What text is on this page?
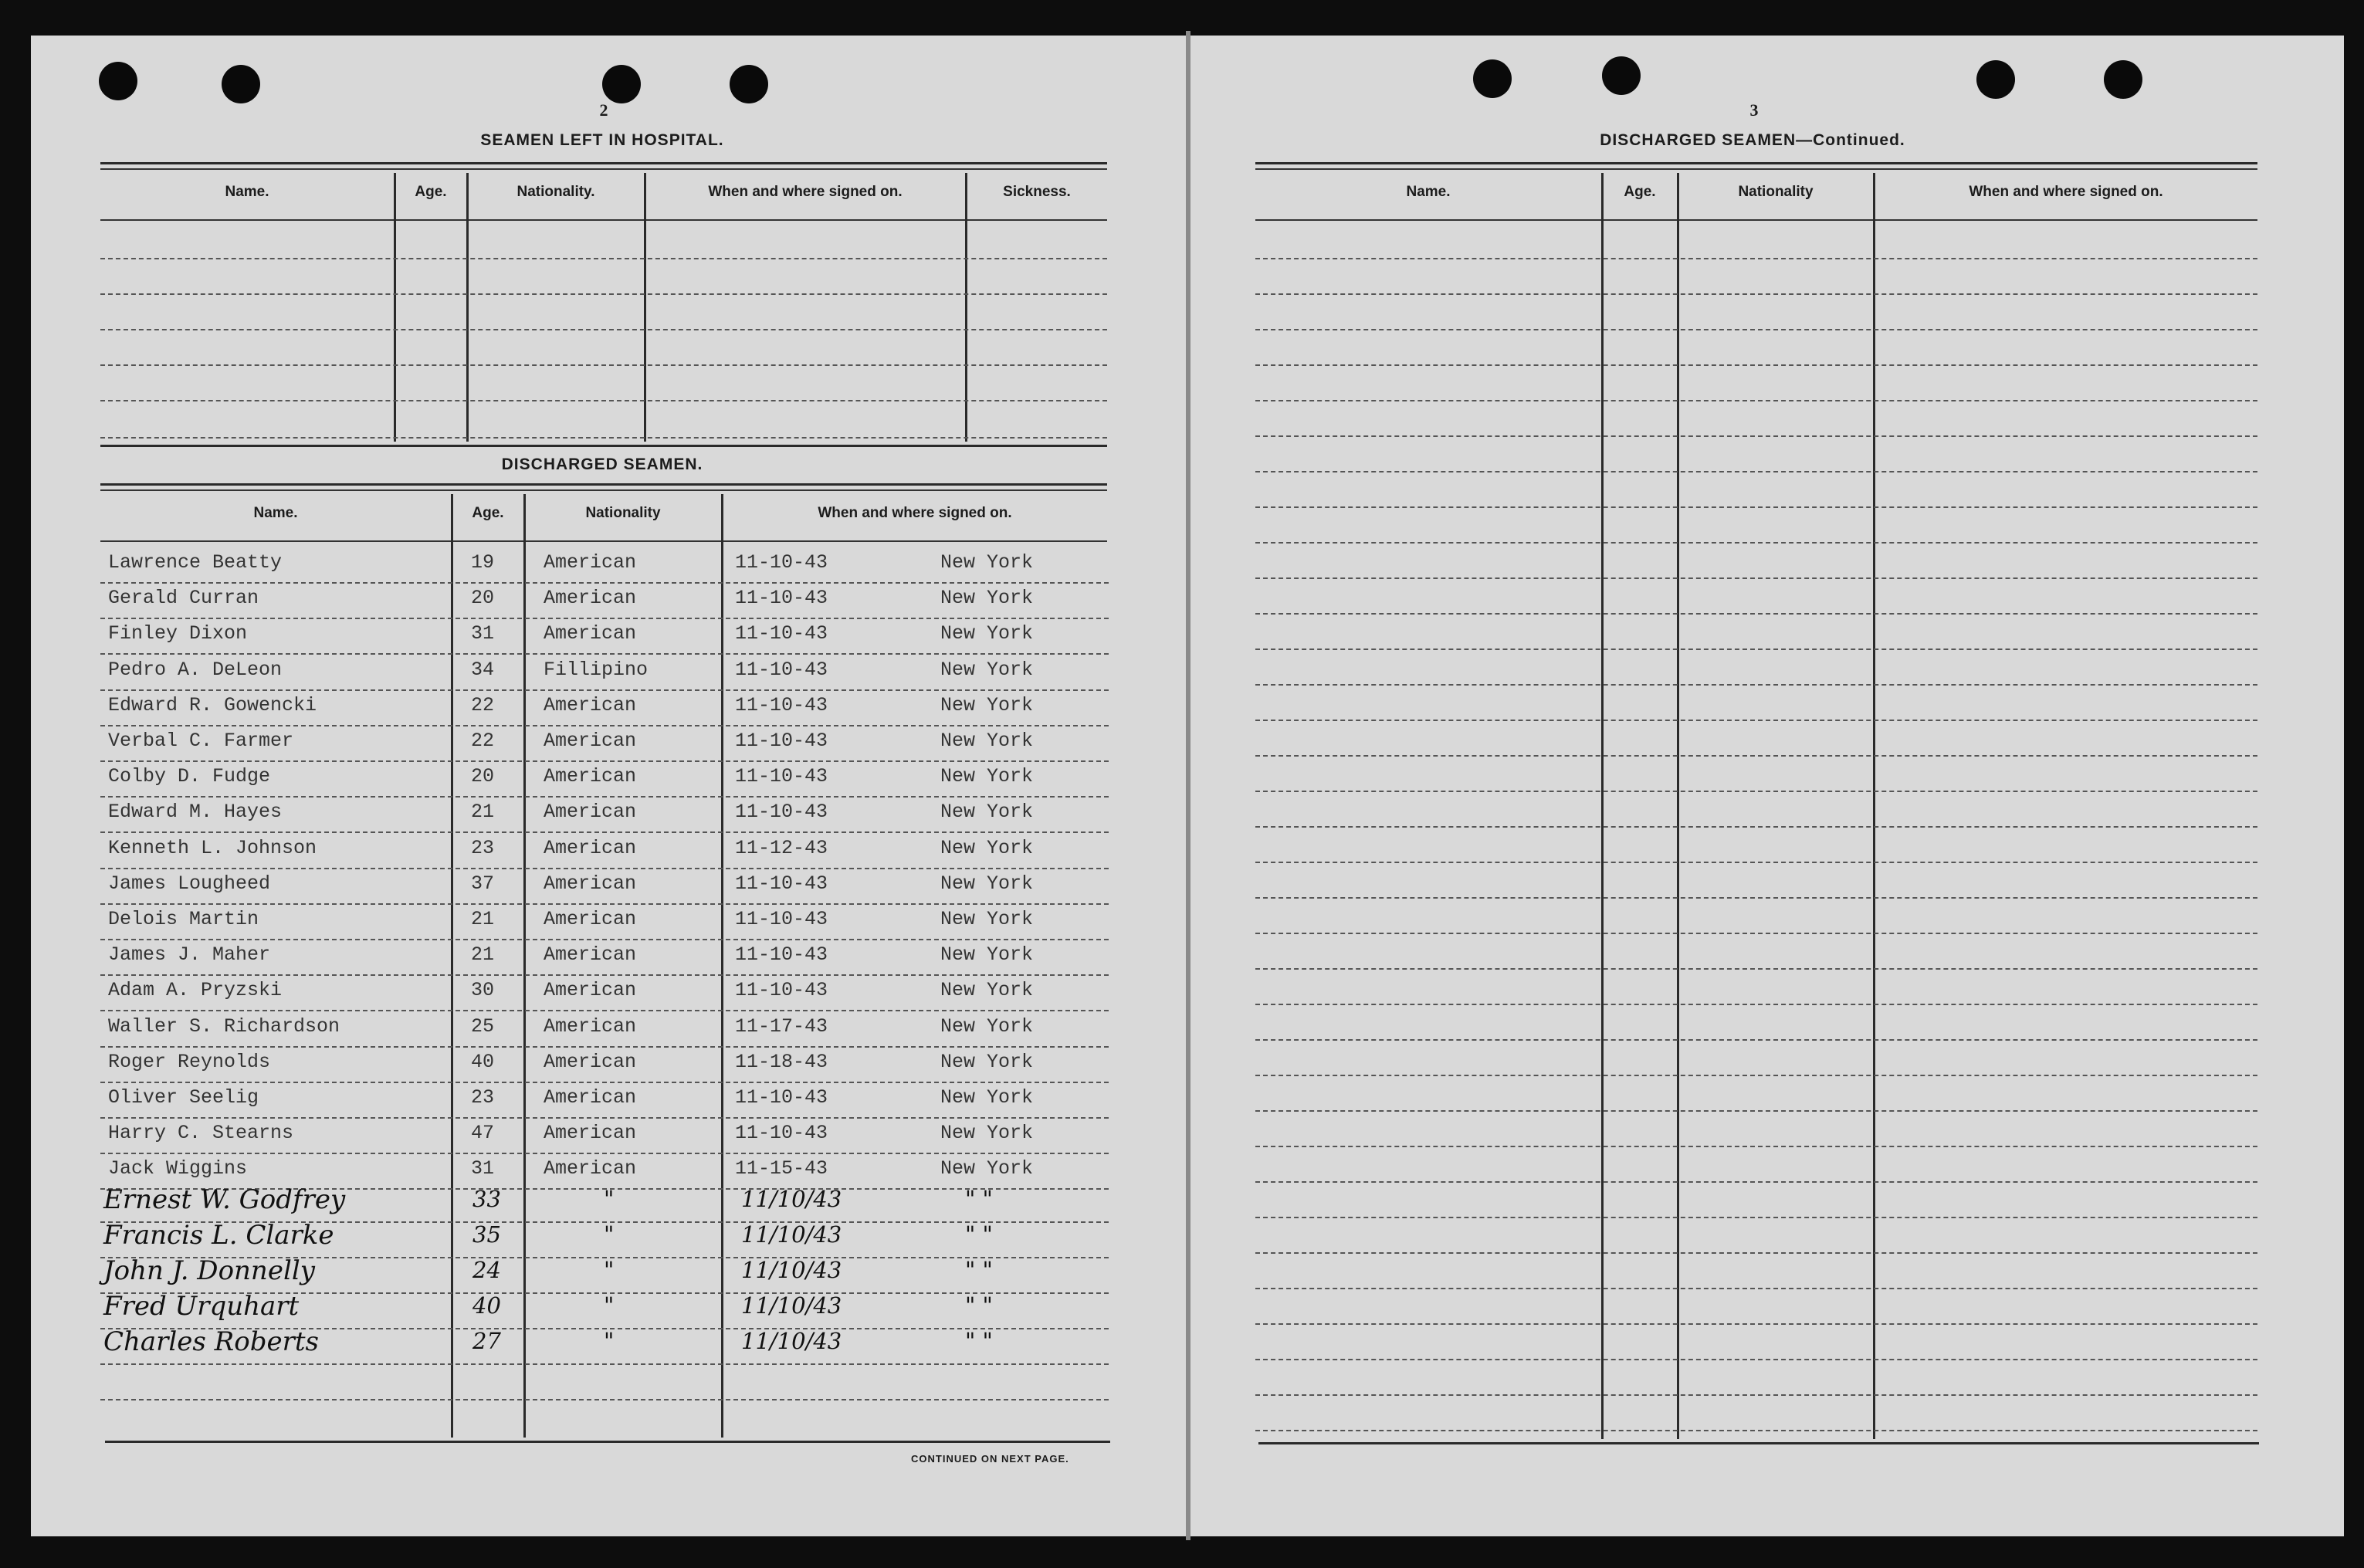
2
SEAMEN LEFT IN HOSPITAL.
Name.	Age.	Nationality.	When and where signed on.	Sickness.
DISCHARGED SEAMEN.
Name.	Age.	Nationality	When and where signed on.
Lawrence Beatty	19	American	11-10-43	New York
Gerald Curran	20	American	11-10-43	New York
Finley Dixon	31	American	11-10-43	New York
Pedro A. DeLeon	34	Fillipino	11-10-43	New York
Edward R. Gowencki	22	American	11-10-43	New York
Verbal C. Farmer	22	American	11-10-43	New York
Colby D. Fudge	20	American	11-10-43	New York
Edward M. Hayes	21	American	11-10-43	New York
Kenneth L. Johnson	23	American	11-12-43	New York
James Lougheed	37	American	11-10-43	New York
Delois Martin	21	American	11-10-43	New York
James J. Maher	21	American	11-10-43	New York
Adam A. Pryzski	30	American	11-10-43	New York
Waller S. Richardson	25	American	11-17-43	New York
Roger Reynolds	40	American	11-18-43	New York
Oliver Seelig	23	American	11-10-43	New York
Harry C. Stearns	47	American	11-10-43	New York
Jack Wiggins	31	American	11-15-43	New York
Ernest W. Godfrey	33	"	11/10/43	" "
Francis L. Clarke	35	"	11/10/43	" "
John J. Donnelly	24	"	11/10/43	" "
Fred Urquhart	40	"	11/10/43	" "
Charles Roberts	27	"	11/10/43	" "
CONTINUED ON NEXT PAGE.
3
DISCHARGED SEAMEN—Continued.
Name.	Age.	Nationality	When and where signed on.
